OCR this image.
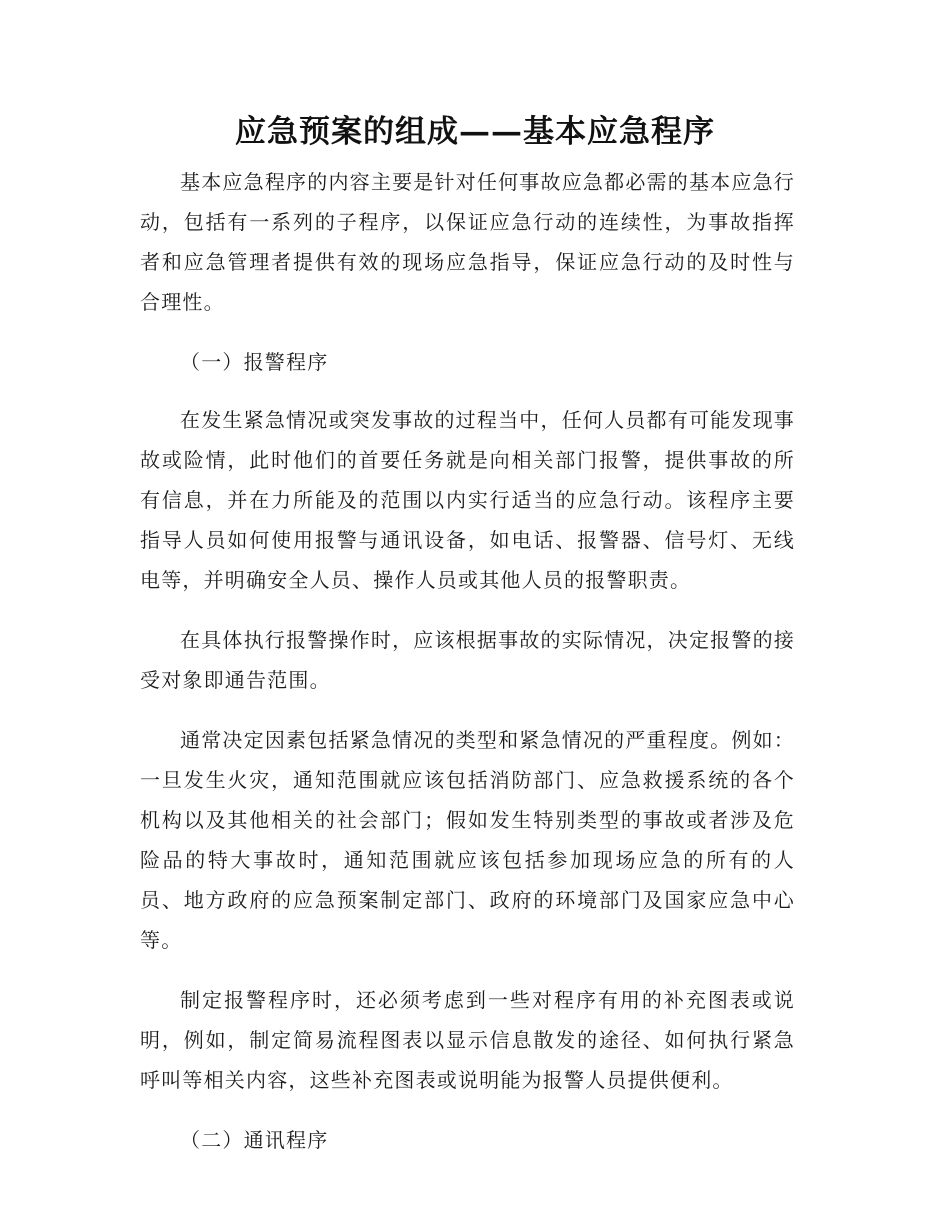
应急预案的组成——基本应急程序

基本应急程序的内容主要是针对任何事故应急都必需的基本应急行动，包括有一系列的子程序，以保证应急行动的连续性，为事故指挥者和应急管理者提供有效的现场应急指导，保证应急行动的及时性与合理性。

（一）报警程序

在发生紧急情况或突发事故的过程当中，任何人员都有可能发现事故或险情，此时他们的首要任务就是向相关部门报警，提供事故的所有信息，并在力所能及的范围以内实行适当的应急行动。该程序主要指导人员如何使用报警与通讯设备，如电话、报警器、信号灯、无线电等，并明确安全人员、操作人员或其他人员的报警职责。

在具体执行报警操作时，应该根据事故的实际情况，决定报警的接受对象即通告范围。

通常决定因素包括紧急情况的类型和紧急情况的严重程度。例如：一旦发生火灾，通知范围就应该包括消防部门、应急救援系统的各个机构以及其他相关的社会部门；假如发生特别类型的事故或者涉及危险品的特大事故时，通知范围就应该包括参加现场应急的所有的人员、地方政府的应急预案制定部门、政府的环境部门及国家应急中心等。

制定报警程序时，还必须考虑到一些对程序有用的补充图表或说明，例如，制定简易流程图表以显示信息散发的途径、如何执行紧急呼叫等相关内容，这些补充图表或说明能为报警人员提供便利。

（二）通讯程序
